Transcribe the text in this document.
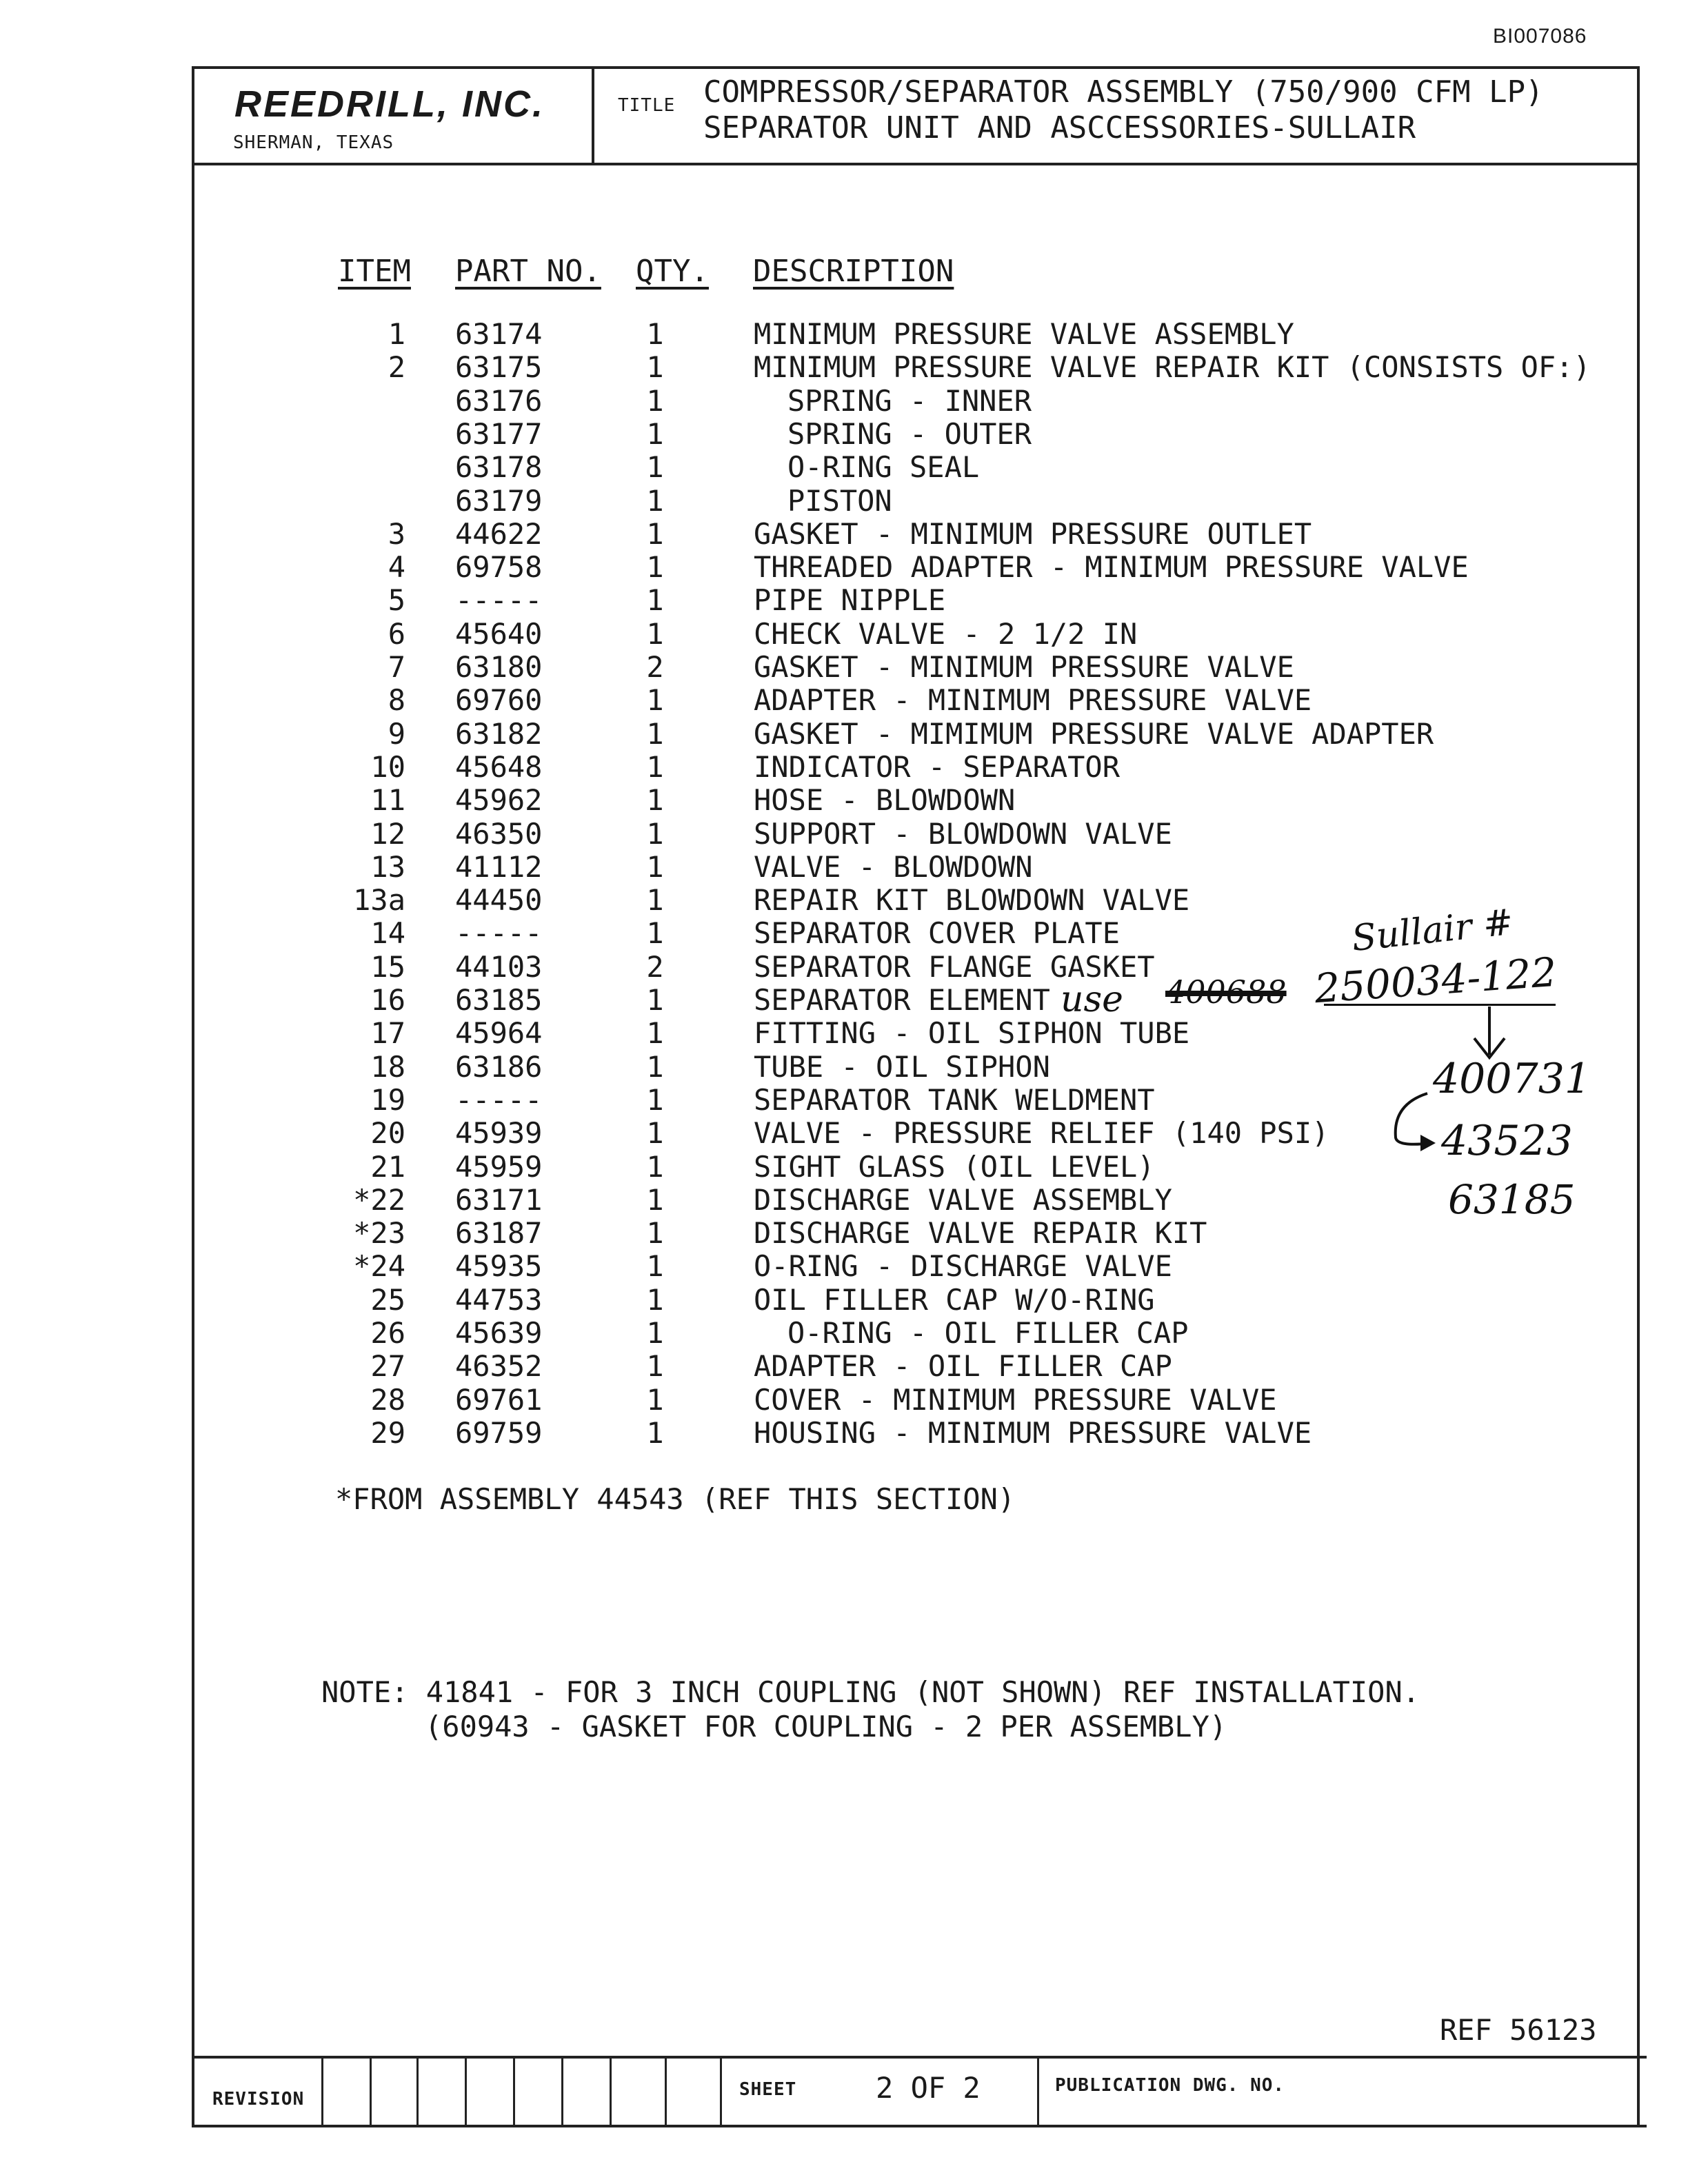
BI007086
REEDRILL, INC.
SHERMAN, TEXAS
TITLE COMPRESSOR/SEPARATOR ASSEMBLY (750/900 CFM LP)
SEPARATOR UNIT AND ASCCESSORIES-SULLAIR
ITEM PART NO. QTY. DESCRIPTION
1 63174	1	MINIMUM PRESSURE VALVE ASSEMBLY
2 63175	1	MINIMUM PRESSURE VALVE REPAIR KIT (CONSISTS OF:)
63176	1	SPRING - INNER
63177	1	SPRING - OUTER
63178	1	O-RING SEAL
63179	1	PISTON
3 44622	1	GASKET - MINIMUM PRESSURE OUTLET
4 69758	1	THREADED ADAPTER - MINIMUM PRESSURE VALVE
5 -----	1	PIPE NIPPLE
6 45640	1	CHECK VALVE - 2 1/2 IN
7 63180	2	GASKET - MINIMUM PRESSURE VALVE
8 69760	1	ADAPTER - MINIMUM PRESSURE VALVE
9 63182	1	GASKET - MIMIMUM PRESSURE VALVE ADAPTER
10 45648	1	INDICATOR - SEPARATOR
11 45962	1	HOSE - BLOWDOWN
12 46350	1	SUPPORT - BLOWDOWN VALVE
13 41112	1	VALVE - BLOWDOWN
13a 44450	1	REPAIR KIT BLOWDOWN VALVE
14 -----	1	SEPARATOR COVER PLATE
15 44103	2	SEPARATOR FLANGE GASKET
16 63185	1	SEPARATOR ELEMENT
17 45964	1	FITTING - OIL SIPHON TUBE
18 63186	1	TUBE - OIL SIPHON
19 -----	1	SEPARATOR TANK WELDMENT
20 45939	1	VALVE - PRESSURE RELIEF (140 PSI)
21 45959	1	SIGHT GLASS (OIL LEVEL)
*22 63171	1	DISCHARGE VALVE ASSEMBLY
*23 63187	1	DISCHARGE VALVE REPAIR KIT
*24 45935	1	O-RING - DISCHARGE VALVE
25 44753	1	OIL FILLER CAP W/O-RING
26 45639	1	O-RING - OIL FILLER CAP
27 46352	1	ADAPTER - OIL FILLER CAP
28 69761	1	COVER - MINIMUM PRESSURE VALVE
29 69759	1	HOUSING - MINIMUM PRESSURE VALVE
*FROM ASSEMBLY 44543 (REF THIS SECTION)
NOTE: 41841 - FOR 3 INCH COUPLING (NOT SHOWN) REF INSTALLATION.
(60943 - GASKET FOR COUPLING - 2 PER ASSEMBLY)
REF 56123
REVISION	SHEET	2 OF 2	PUBLICATION DWG. NO.
Sullair #
use 400688 250034-122
400731
43523
63185
